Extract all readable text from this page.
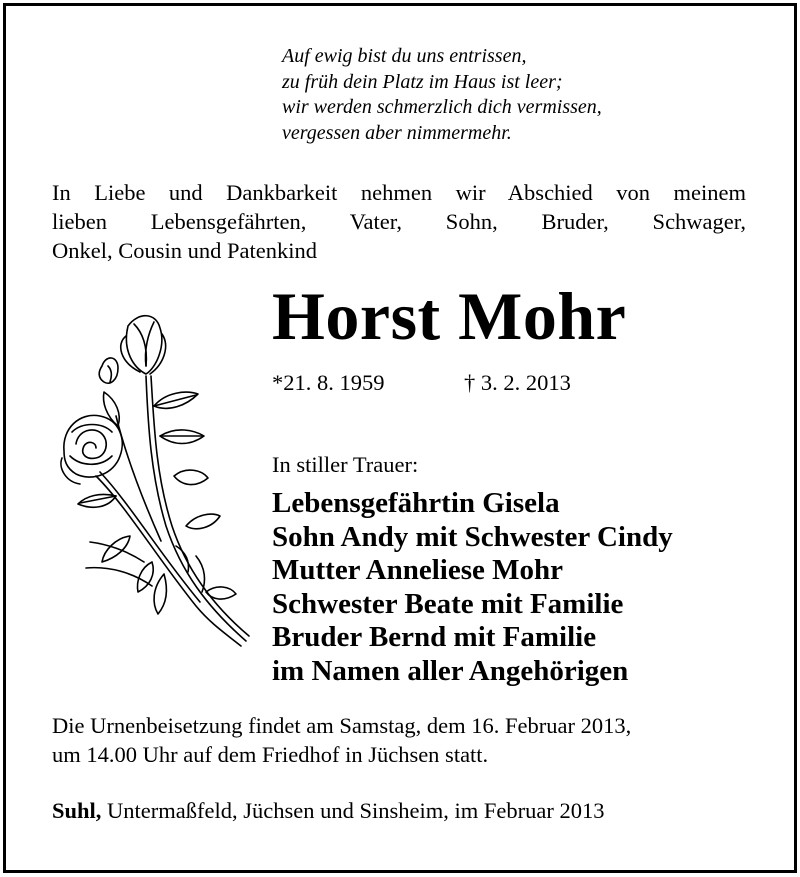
Auf ewig bist du uns entrissen,
zu früh dein Platz im Haus ist leer;
wir werden schmerzlich dich vermissen,
vergessen aber nimmermehr.
In Liebe und Dankbarkeit nehmen wir Abschied von meinem
lieben Lebensgefährten, Vater, Sohn, Bruder, Schwager,
Onkel, Cousin und Patenkind
Horst Mohr
*21. 8. 1959	† 3. 2. 2013
In stiller Trauer:
Lebensgefährtin Gisela
Sohn Andy mit Schwester Cindy
Mutter Anneliese Mohr
Schwester Beate mit Familie
Bruder Bernd mit Familie
im Namen aller Angehörigen
Die Urnenbeisetzung findet am Samstag, dem 16. Februar 2013,
um 14.00 Uhr auf dem Friedhof in Jüchsen statt.
Suhl, Untermaßfeld, Jüchsen und Sinsheim, im Februar 2013
